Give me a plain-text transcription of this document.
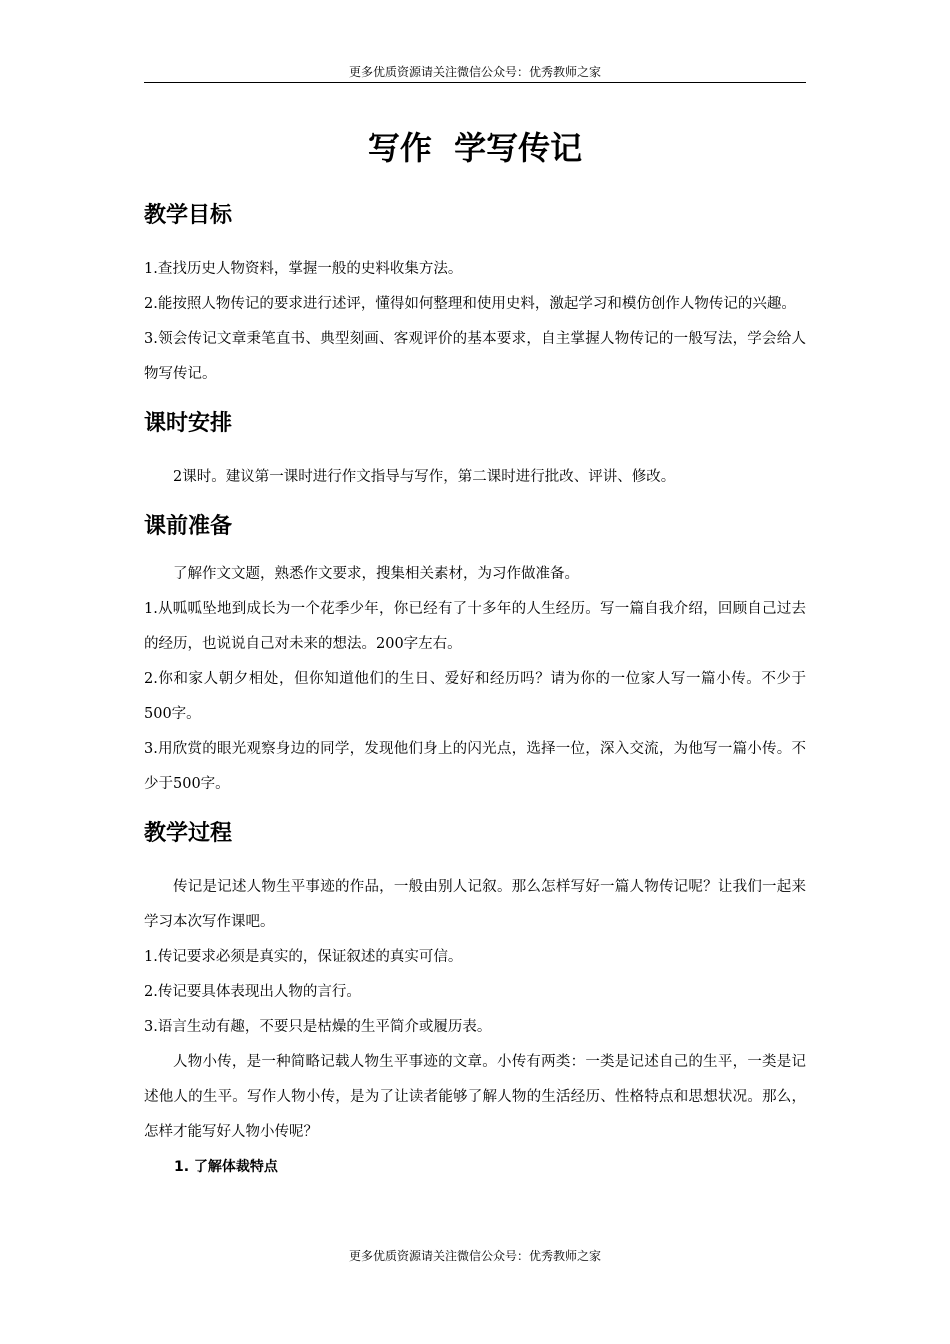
更多优质资源请关注微信公众号：优秀教师之家
写作  学写传记
教学目标

1.查找历史人物资料，掌握一般的史料收集方法。

2.能按照人物传记的要求进行述评，懂得如何整理和使用史料，激起学习和模仿创作人物传记的兴趣。

3.领会传记文章秉笔直书、典型刻画、客观评价的基本要求，自主掌握人物传记的一般写法，学会给人物写传记。

课时安排

2课时。建议第一课时进行作文指导与写作，第二课时进行批改、评讲、修改。

课前准备

了解作文文题，熟悉作文要求，搜集相关素材，为习作做准备。

1.从呱呱坠地到成长为一个花季少年，你已经有了十多年的人生经历。写一篇自我介绍，回顾自己过去的经历，也说说自己对未来的想法。200字左右。

2.你和家人朝夕相处，但你知道他们的生日、爱好和经历吗？请为你的一位家人写一篇小传。不少于500字。

3.用欣赏的眼光观察身边的同学，发现他们身上的闪光点，选择一位，深入交流，为他写一篇小传。不少于500字。

教学过程

传记是记述人物生平事迹的作品，一般由别人记叙。那么怎样写好一篇人物传记呢？让我们一起来学习本次写作课吧。

1.传记要求必须是真实的，保证叙述的真实可信。

2.传记要具体表现出人物的言行。

3.语言生动有趣，不要只是枯燥的生平简介或履历表。

人物小传，是一种简略记载人物生平事迹的文章。小传有两类：一类是记述自己的生平，一类是记述他人的生平。写作人物小传，是为了让读者能够了解人物的生活经历、性格特点和思想状况。那么，怎样才能写好人物小传呢？

1. 了解体裁特点
更多优质资源请关注微信公众号：优秀教师之家
